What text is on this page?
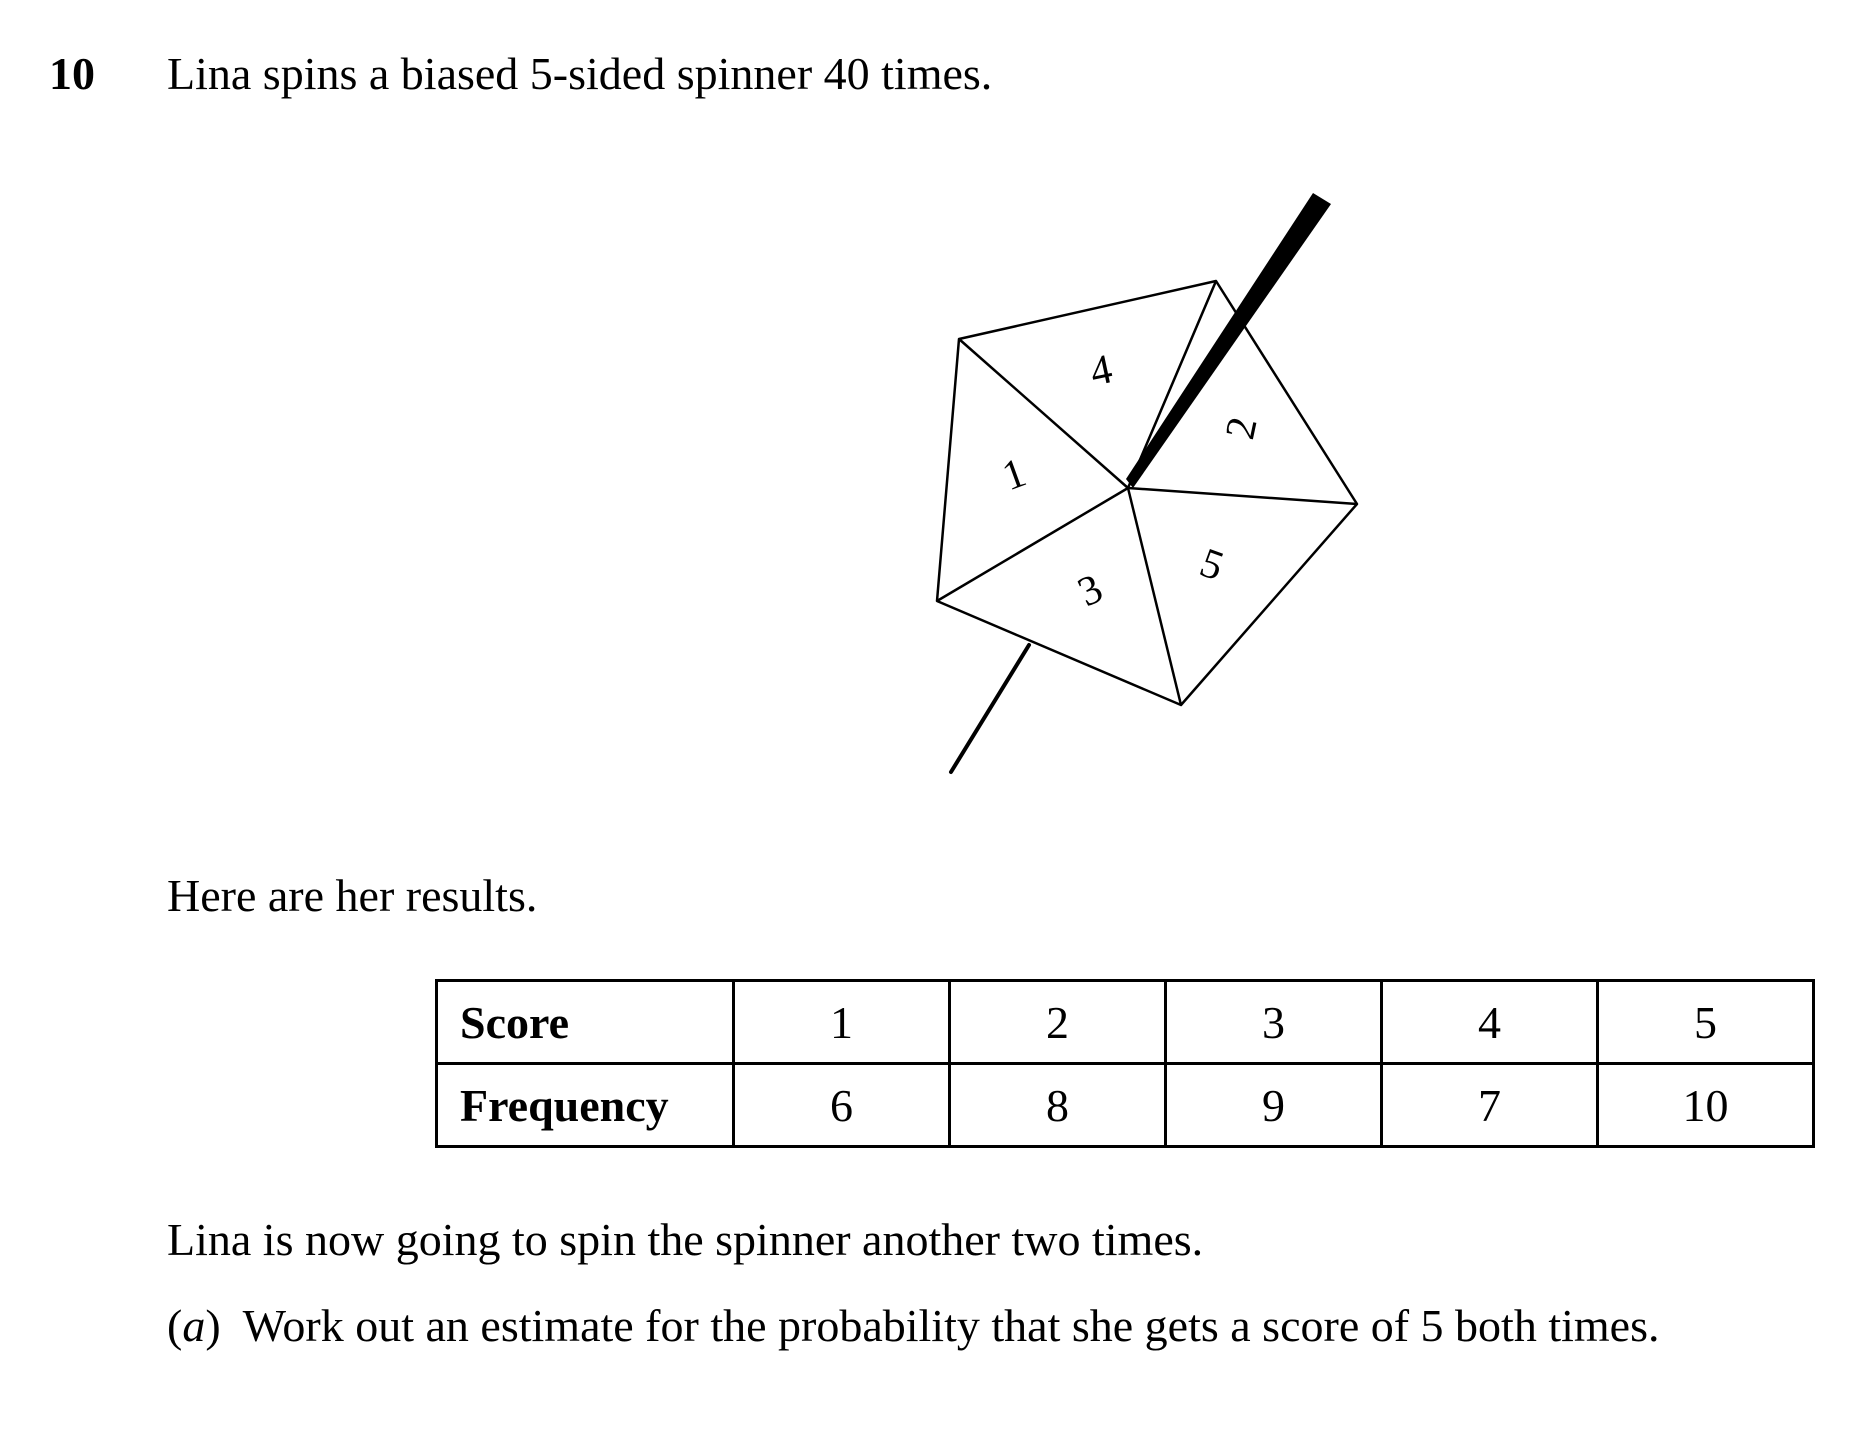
10 Lina spins a biased 5-sided spinner 40 times.
4
2
1
5
3
Here are her results.
Score	1	2	3	4	5
Frequency	6	8	9	7	10
Lina is now going to spin the spinner another two times.
(a) Work out an estimate for the probability that she gets a score of 5 both times.
